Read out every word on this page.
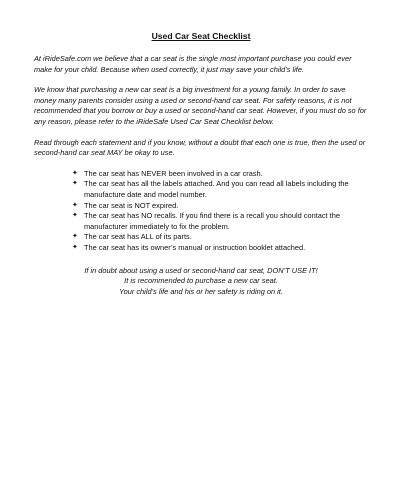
Used Car Seat Checklist

At iRideSafe.com we believe that a car seat is the single most important purchase you could ever make for your child. Because when used correctly, it just may save your child’s life.

We know that purchasing a new car seat is a big investment for a young family. In order to save money many parents consider using a used or second-hand car seat. For safety reasons, it is not recommended that you borrow or buy a used or second-hand car seat. However, if you must do so for any reason, please refer to the iRideSafe Used Car Seat Checklist below.

Read through each statement and if you know, without a doubt that each one is true, then the used or second-hand car seat MAY be okay to use.

✦ The car seat has NEVER been involved in a car crash.
✦ The car seat has all the labels attached. And you can read all labels including the manufacture date and model number.
✦ The car seat is NOT expired.
✦ The car seat has NO recalls. If you find there is a recall you should contact the manufacturer immediately to fix the problem.
✦ The car seat has ALL of its parts.
✦ The car seat has its owner’s manual or instruction booklet attached.

If in doubt about using a used or second-hand car seat, DON’T USE IT!
It is recommended to purchase a new car seat.
Your child’s life and his or her safety is riding on it.
